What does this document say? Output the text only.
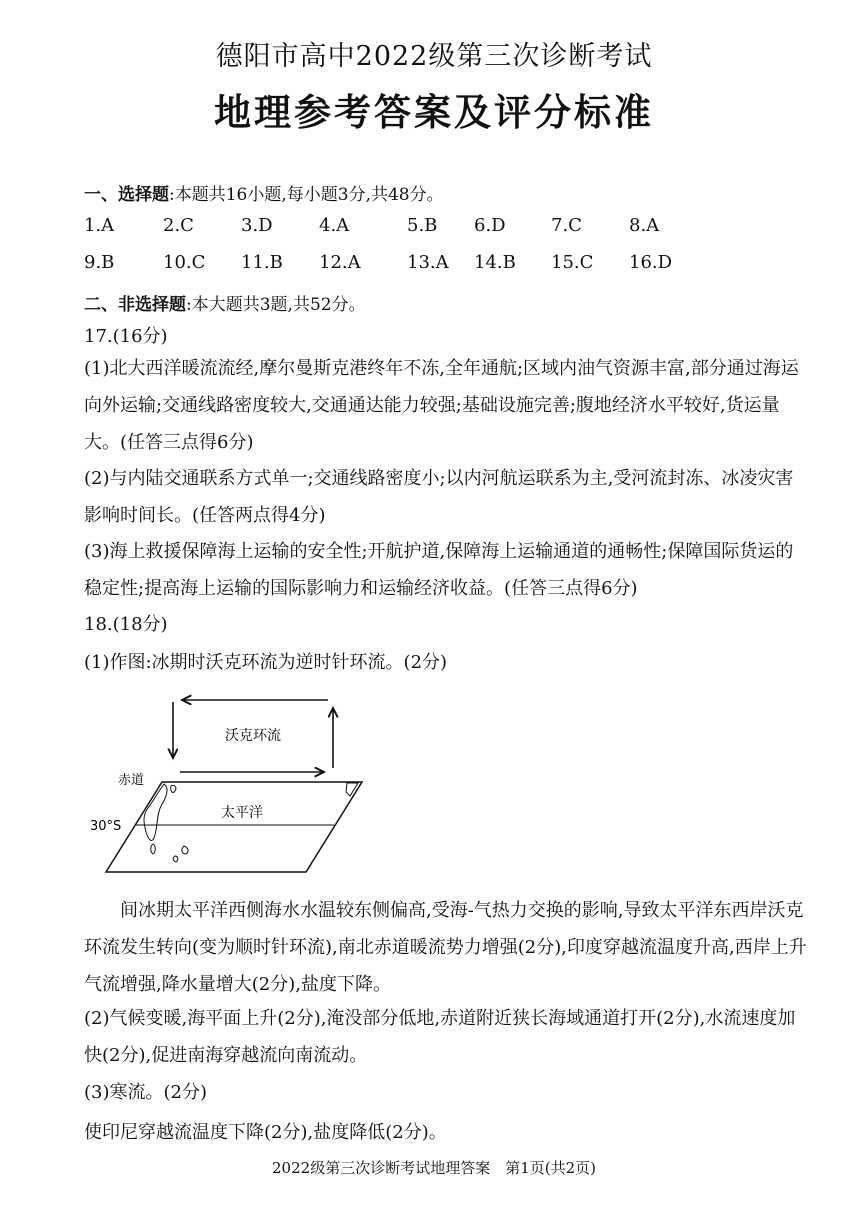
德阳市高中2022级第三次诊断考试
地理参考答案及评分标准
一、选择题:本题共16小题,每小题3分,共48分。
1.A	2.C	3.D	4.A	5.B 6.D	7.C	8.A
9.B	10.C 11.B 12.A	13.A 14.B 15.C 16.D
二、非选择题:本大题共3题,共52分。
17.(16分)
(1)北大西洋暖流流经,摩尔曼斯克港终年不冻,全年通航;区域内油气资源丰富,部分通过海运向外运输;交通线路密度较大,交通通达能力较强;基础设施完善;腹地经济水平较好,货运量大。(任答三点得6分)
(2)与内陆交通联系方式单一;交通线路密度小;以内河航运联系为主,受河流封冻、冰凌灾害影响时间长。(任答两点得4分)
(3)海上救援保障海上运输的安全性;开航护道,保障海上运输通道的通畅性;保障国际货运的稳定性;提高海上运输的国际影响力和运输经济收益。(任答三点得6分)
18.(18分)
(1)作图:冰期时沃克环流为逆时针环流。(2分)
沃克环流
太平洋
赤道
30°S
间冰期太平洋西侧海水水温较东侧偏高,受海-气热力交换的影响,导致太平洋东西岸沃克环流发生转向(变为顺时针环流),南北赤道暖流势力增强(2分),印度穿越流温度升高,西岸上升气流增强,降水量增大(2分),盐度下降。
(2)气候变暖,海平面上升(2分),淹没部分低地,赤道附近狭长海域通道打开(2分),水流速度加快(2分),促进南海穿越流向南流动。
(3)寒流。(2分)
使印尼穿越流温度下降(2分),盐度降低(2分)。
2022级第三次诊断考试地理答案　第1页(共2页)
